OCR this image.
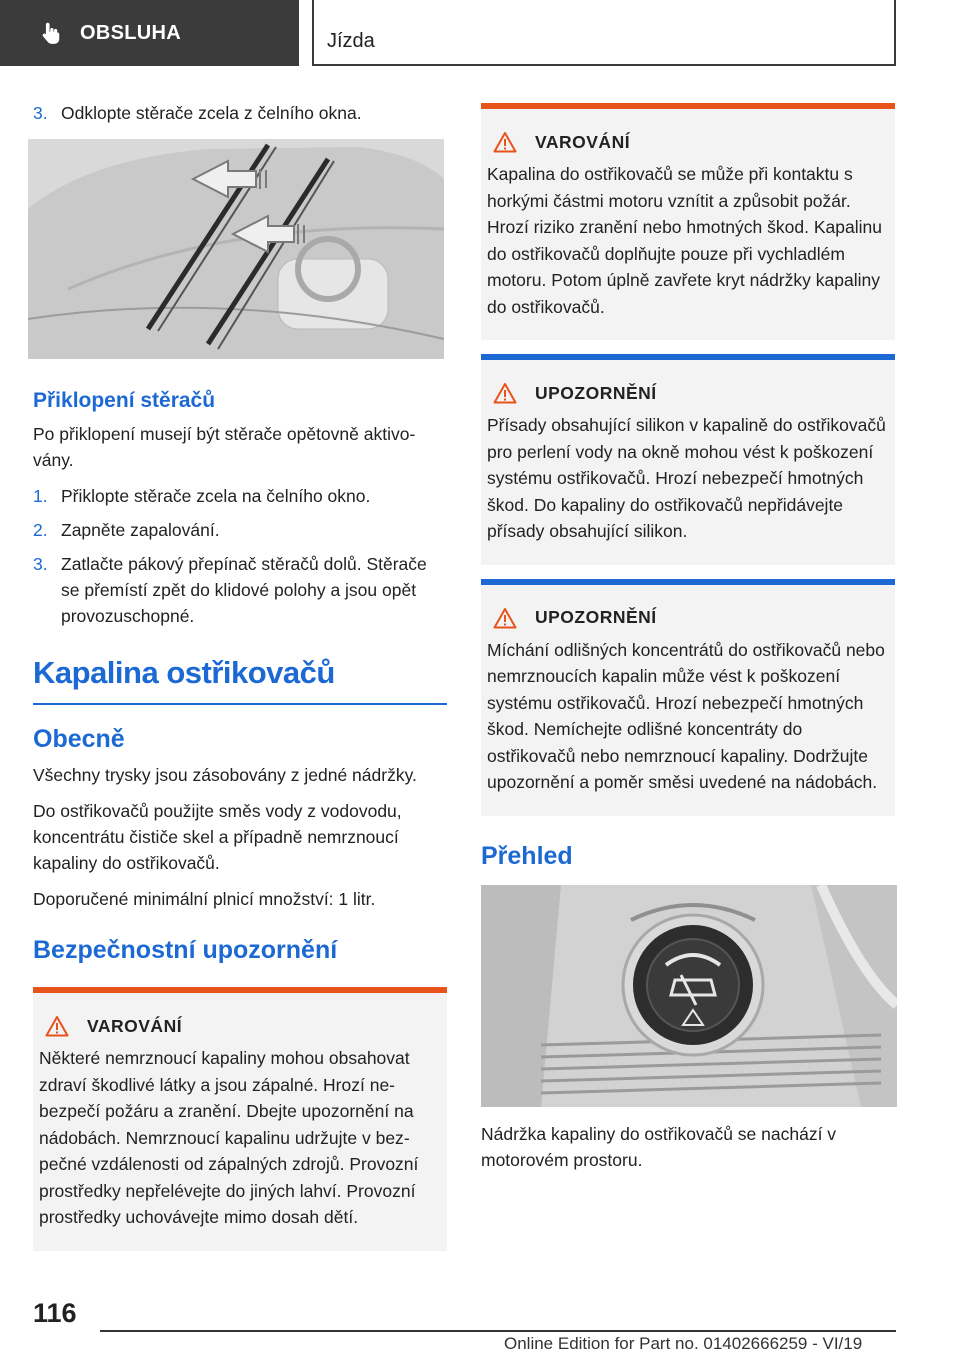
OBSLUHA	Jízda
3. Odklopte stěrače zcela z čelního okna.
Přiklopení stěračů

Po přiklopení musejí být stěrače opětovně aktivovány.

1. Přiklopte stěrače zcela na čelního okno.
2. Zapněte zapalování.
3. Zatlačte pákový přepínač stěračů dolů. Stěrače se přemístí zpět do klidové polohy a jsou opět provozuschopné.
Kapalina ostřikovačů
Obecně

Všechny trysky jsou zásobovány z jedné nádržky.

Do ostřikovačů použijte směs vody z vodovodu, koncentrátu čističe skel a případně nemrznoucí kapaliny do ostřikovačů.

Doporučené minimální plnicí množství: 1 litr.

Bezpečnostní upozornění
VAROVÁNÍ
Některé nemrznoucí kapaliny mohou obsahovat zdraví škodlivé látky a jsou zápalné. Hrozí nebezpečí požáru a zranění. Dbejte upozornění na nádobách. Nemrznoucí kapalinu udržujte v bezpečné vzdálenosti od zápalných zdrojů. Provozní prostředky nepřelévejte do jiných lahví. Provozní prostředky uchovávejte mimo dosah dětí.
VAROVÁNÍ
Kapalina do ostřikovačů se může při kontaktu s horkými částmi motoru vznítit a způsobit požár. Hrozí riziko zranění nebo hmotných škod. Kapalinu do ostřikovačů doplňujte pouze při vychladlém motoru. Potom úplně zavřete kryt nádržky kapaliny do ostřikovačů.
UPOZORNĚNÍ
Přísady obsahující silikon v kapalině do ostřikovačů pro perlení vody na okně mohou vést k poškození systému ostřikovačů. Hrozí nebezpečí hmotných škod. Do kapaliny do ostřikovačů nepřidávejte přísady obsahující silikon.
UPOZORNĚNÍ
Míchání odlišných koncentrátů do ostřikovačů nebo nemrznoucích kapalin může vést k poškození systému ostřikovačů. Hrozí nebezpečí hmotných škod. Nemíchejte odlišné koncentráty do ostřikovačů nebo nemrznoucí kapaliny. Dodržujte upozornění a poměr směsi uvedené na nádobách.
Přehled

Nádržka kapaliny do ostřikovačů se nachází v motorovém prostoru.

116
Online Edition for Part no. 01402666259 - VI/19
